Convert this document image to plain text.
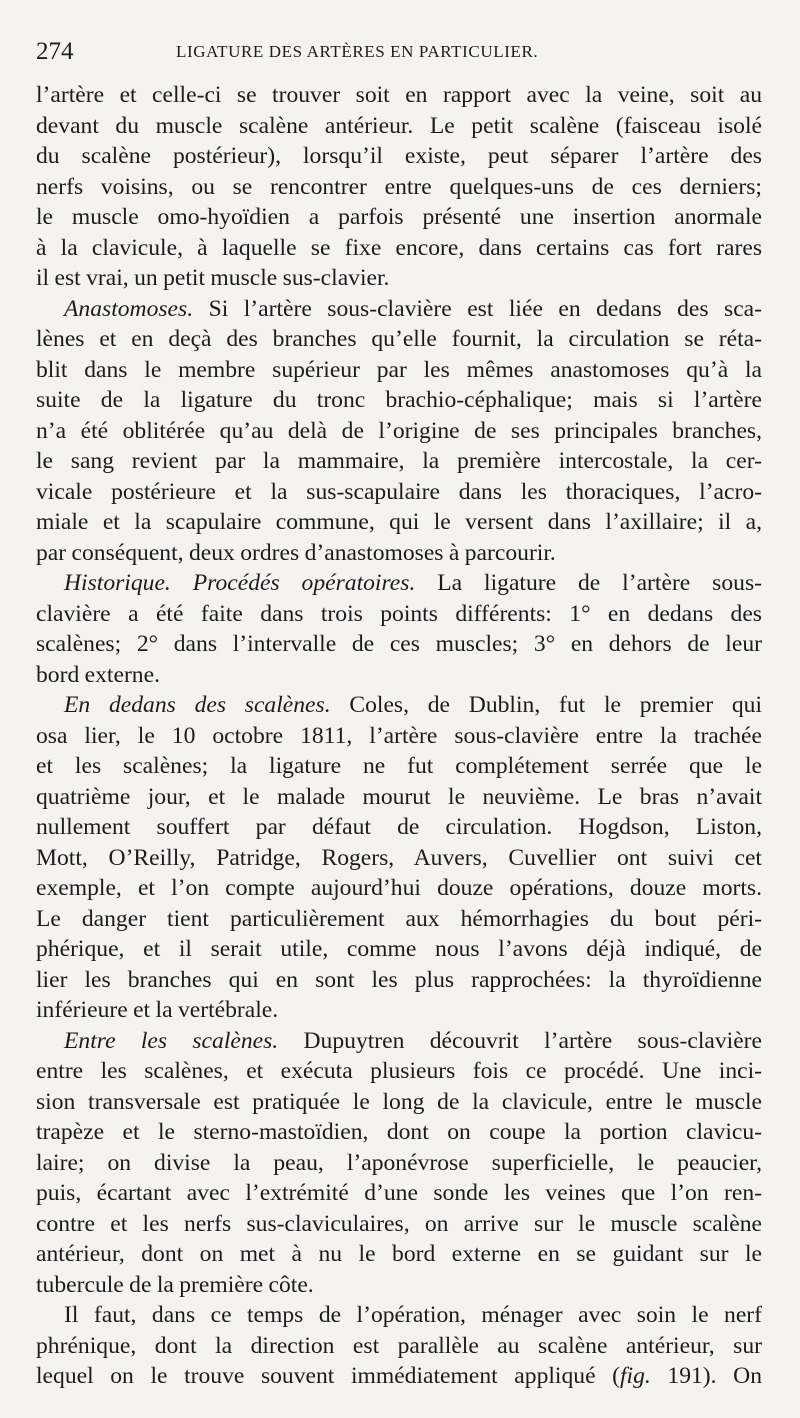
274	LIGATURE DES ARTÈRES EN PARTICULIER.
l’artère et celle-ci se trouver soit en rapport avec la veine, soit au
devant du muscle scalène antérieur. Le petit scalène (faisceau isolé
du scalène postérieur), lorsqu’il existe, peut séparer l’artère des
nerfs voisins, ou se rencontrer entre quelques-uns de ces derniers;
le muscle omo-hyoïdien a parfois présenté une insertion anormale
à la clavicule, à laquelle se fixe encore, dans certains cas fort rares
il est vrai, un petit muscle sus-clavier.
Anastomoses. Si l’artère sous-clavière est liée en dedans des sca-
lènes et en deçà des branches qu’elle fournit, la circulation se réta-
blit dans le membre supérieur par les mêmes anastomoses qu’à la
suite de la ligature du tronc brachio-céphalique; mais si l’artère
n’a été oblitérée qu’au delà de l’origine de ses principales branches,
le sang revient par la mammaire, la première intercostale, la cer-
vicale postérieure et la sus-scapulaire dans les thoraciques, l’acro-
miale et la scapulaire commune, qui le versent dans l’axillaire; il a,
par conséquent, deux ordres d’anastomoses à parcourir.
Historique. Procédés opératoires. La ligature de l’artère sous-
clavière a été faite dans trois points différents: 1° en dedans des
scalènes; 2° dans l’intervalle de ces muscles; 3° en dehors de leur
bord externe.
En dedans des scalènes. Coles, de Dublin, fut le premier qui
osa lier, le 10 octobre 1811, l’artère sous-clavière entre la trachée
et les scalènes; la ligature ne fut complétement serrée que le
quatrième jour, et le malade mourut le neuvième. Le bras n’avait
nullement souffert par défaut de circulation. Hogdson, Liston,
Mott, O’Reilly, Patridge, Rogers, Auvers, Cuvellier ont suivi cet
exemple, et l’on compte aujourd’hui douze opérations, douze morts.
Le danger tient particulièrement aux hémorrhagies du bout péri-
phérique, et il serait utile, comme nous l’avons déjà indiqué, de
lier les branches qui en sont les plus rapprochées: la thyroïdienne
inférieure et la vertébrale.
Entre les scalènes. Dupuytren découvrit l’artère sous-clavière
entre les scalènes, et exécuta plusieurs fois ce procédé. Une inci-
sion transversale est pratiquée le long de la clavicule, entre le muscle
trapèze et le sterno-mastoïdien, dont on coupe la portion clavicu-
laire; on divise la peau, l’aponévrose superficielle, le peaucier,
puis, écartant avec l’extrémité d’une sonde les veines que l’on ren-
contre et les nerfs sus-claviculaires, on arrive sur le muscle scalène
antérieur, dont on met à nu le bord externe en se guidant sur le
tubercule de la première côte.
Il faut, dans ce temps de l’opération, ménager avec soin le nerf
phrénique, dont la direction est parallèle au scalène antérieur, sur
lequel on le trouve souvent immédiatement appliqué (fig. 191). On
